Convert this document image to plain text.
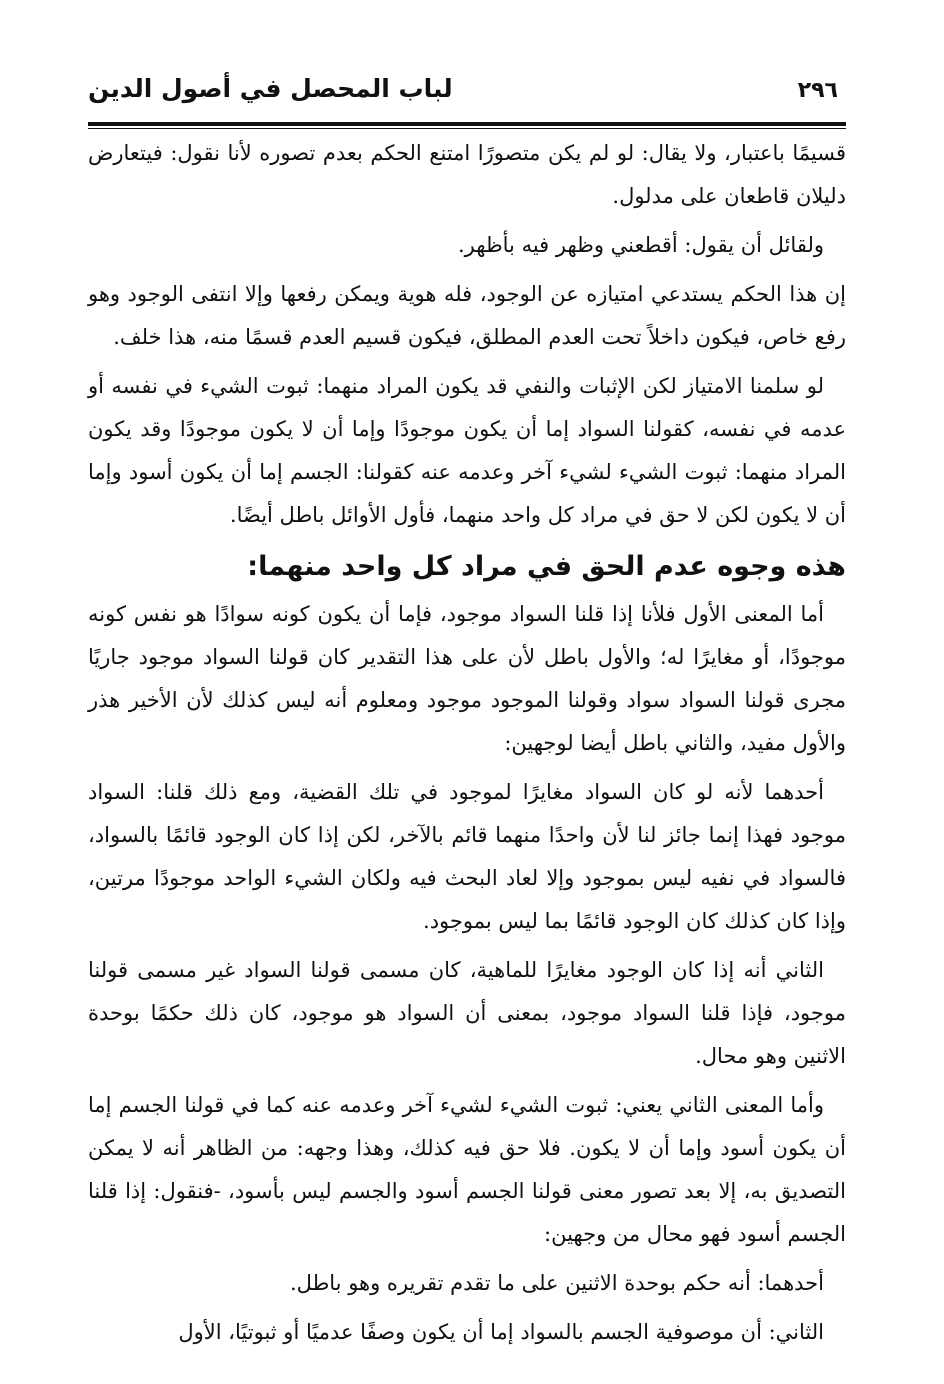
لباب المحصل في أصول الدين	٢٩٦

قسيمًا باعتبار، ولا يقال: لو لم يكن متصورًا امتنع الحكم بعدم تصوره لأنا نقول: فيتعارض دليلان قاطعان على مدلول.

ولقائل أن يقول: أقطعني وظهر فيه بأظهر.

إن هذا الحكم يستدعي امتيازه عن الوجود، فله هوية ويمكن رفعها وإلا انتفى الوجود وهو رفع خاص، فيكون داخلاً تحت العدم المطلق، فيكون قسيم العدم قسمًا منه، هذا خلف.

لو سلمنا الامتياز لكن الإثبات والنفي قد يكون المراد منهما: ثبوت الشيء في نفسه أو عدمه في نفسه، كقولنا السواد إما أن يكون موجودًا وإما أن لا يكون موجودًا وقد يكون المراد منهما: ثبوت الشيء لشيء آخر وعدمه عنه كقولنا: الجسم إما أن يكون أسود وإما أن لا يكون لكن لا حق في مراد كل واحد منهما، فأول الأوائل باطل أيضًا.

هذه وجوه عدم الحق في مراد كل واحد منهما:

أما المعنى الأول فلأنا إذا قلنا السواد موجود، فإما أن يكون كونه سوادًا هو نفس كونه موجودًا، أو مغايرًا له؛ والأول باطل لأن على هذا التقدير كان قولنا السواد موجود جاريًا مجرى قولنا السواد سواد وقولنا الموجود موجود ومعلوم أنه ليس كذلك لأن الأخير هذر والأول مفيد، والثاني باطل أيضا لوجهين:

أحدهما لأنه لو كان السواد مغايرًا لموجود في تلك القضية، ومع ذلك قلنا: السواد موجود فهذا إنما جائز لنا لأن واحدًا منهما قائم بالآخر، لكن إذا كان الوجود قائمًا بالسواد، فالسواد في نفيه ليس بموجود وإلا لعاد البحث فيه ولكان الشيء الواحد موجودًا مرتين، وإذا كان كذلك كان الوجود قائمًا بما ليس بموجود.

الثاني أنه إذا كان الوجود مغايرًا للماهية، كان مسمى قولنا السواد غير مسمى قولنا موجود، فإذا قلنا السواد موجود، بمعنى أن السواد هو موجود، كان ذلك حكمًا بوحدة الاثنين وهو محال.

وأما المعنى الثاني يعني: ثبوت الشيء لشيء آخر وعدمه عنه كما في قولنا الجسم إما أن يكون أسود وإما أن لا يكون. فلا حق فيه كذلك، وهذا وجهه: من الظاهر أنه لا يمكن التصديق به، إلا بعد تصور معنى قولنا الجسم أسود والجسم ليس بأسود، -فنقول: إذا قلنا الجسم أسود فهو محال من وجهين:

أحدهما: أنه حكم بوحدة الاثنين على ما تقدم تقريره وهو باطل.

الثاني: أن موصوفية الجسم بالسواد إما أن يكون وصفًا عدميًا أو ثبوتيًا، الأول
